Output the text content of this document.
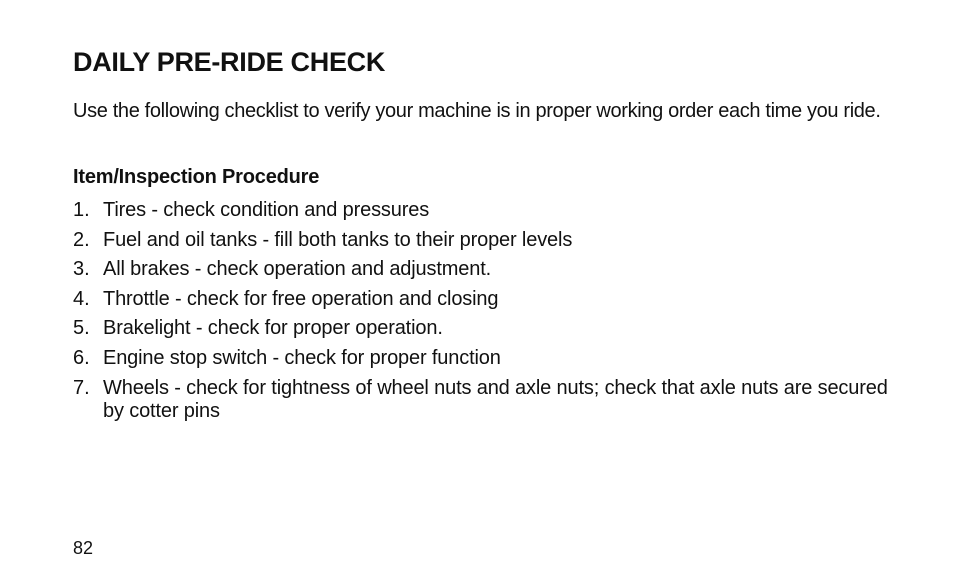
DAILY PRE-RIDE CHECK

Use the following checklist to verify your machine is in proper working order each time you ride.

Item/Inspection Procedure
1. Tires - check condition and pressures
2. Fuel and oil tanks - fill both tanks to their proper levels
3. All brakes - check operation and adjustment.
4. Throttle - check for free operation and closing
5. Brakelight - check for proper operation.
6. Engine stop switch - check for proper function
7. Wheels - check for tightness of wheel nuts and axle nuts; check that axle nuts are secured by cotter pins

82
